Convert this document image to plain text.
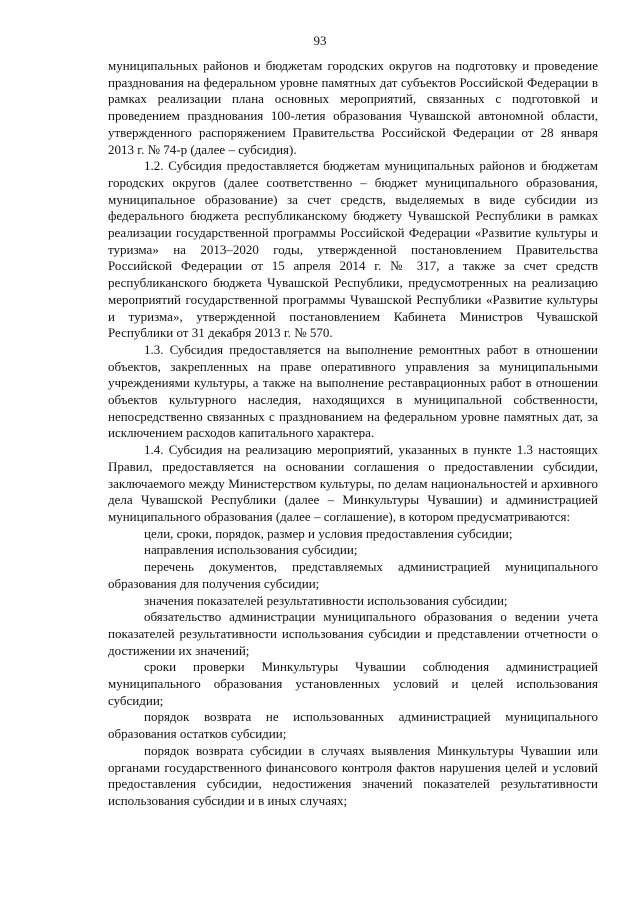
93

муниципальных районов и бюджетам городских округов на подготовку и проведение празднования на федеральном уровне памятных дат субъектов Российской Федерации в рамках реализации плана основных мероприятий, связанных с подготовкой и проведением празднования 100-летия образования Чувашской автономной области, утвержденного распоряжением Правительства Российской Федерации от 28 января 2013 г. № 74-р (далее – субсидия).

1.2. Субсидия предоставляется бюджетам муниципальных районов и бюджетам городских округов (далее соответственно – бюджет муниципального образования, муниципальное образование) за счет средств, выделяемых в виде субсидии из федерального бюджета республиканскому бюджету Чувашской Республики в рамках реализации государственной программы Российской Федерации «Развитие культуры и туризма» на 2013–2020 годы, утвержденной постановлением Правительства Российской Федерации от 15 апреля 2014 г. № 317, а также за счет средств республиканского бюджета Чувашской Республики, предусмотренных на реализацию мероприятий государственной программы Чувашской Республики «Развитие культуры и туризма», утвержденной постановлением Кабинета Министров Чувашской Республики от 31 декабря 2013 г. № 570.

1.3. Субсидия предоставляется на выполнение ремонтных работ в отношении объектов, закрепленных на праве оперативного управления за муниципальными учреждениями культуры, а также на выполнение реставрационных работ в отношении объектов культурного наследия, находящихся в муниципальной собственности, непосредственно связанных с празднованием на федеральном уровне памятных дат, за исключением расходов капитального характера.

1.4. Субсидия на реализацию мероприятий, указанных в пункте 1.3 настоящих Правил, предоставляется на основании соглашения о предоставлении субсидии, заключаемого между Министерством культуры, по делам национальностей и архивного дела Чувашской Республики (далее – Минкультуры Чувашии) и администрацией муниципального образования (далее – соглашение), в котором предусматриваются:

цели, сроки, порядок, размер и условия предоставления субсидии;

направления использования субсидии;

перечень документов, представляемых администрацией муниципального образования для получения субсидии;

значения показателей результативности использования субсидии;

обязательство администрации муниципального образования о ведении учета показателей результативности использования субсидии и представлении отчетности о достижении их значений;

сроки проверки Минкультуры Чувашии соблюдения администрацией муниципального образования установленных условий и целей использования субсидии;

порядок возврата не использованных администрацией муниципального образования остатков субсидии;

порядок возврата субсидии в случаях выявления Минкультуры Чувашии или органами государственного финансового контроля фактов нарушения целей и условий предоставления субсидии, недостижения значений показателей результативности использования субсидии и в иных случаях;
